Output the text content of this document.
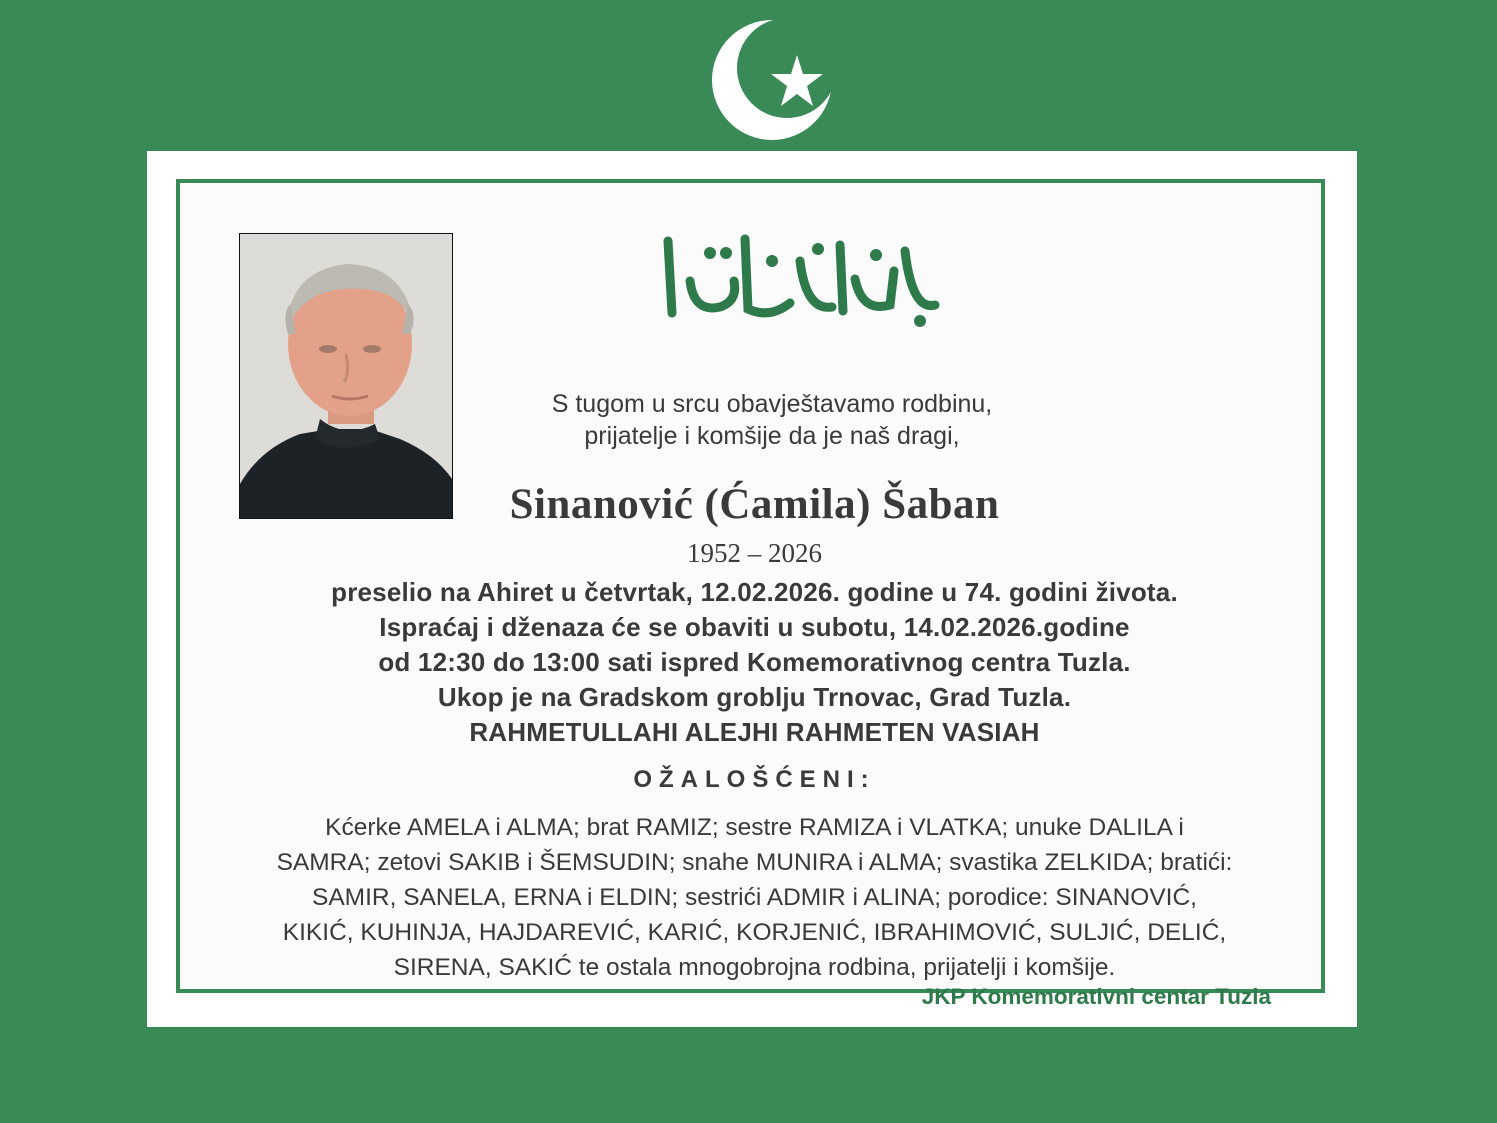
S tugom u srcu obavještavamo rodbinu,
prijatelje i komšije da je naš dragi,
Sinanović (Ćamila) Šaban
1952 – 2026
preselio na Ahiret u četvrtak, 12.02.2026. godine u 74. godini života.
Ispraćaj i dženaza će se obaviti u subotu, 14.02.2026.godine
od 12:30 do 13:00 sati ispred Komemorativnog centra Tuzla.
Ukop je na Gradskom groblju Trnovac, Grad Tuzla.
RAHMETULLAHI ALEJHI RAHMETEN VASIAH
OŽALOŠĆENI:
Kćerke AMELA i ALMA; brat RAMIZ; sestre RAMIZA i VLATKA; unuke DALILA i
SAMRA; zetovi SAKIB i ŠEMSUDIN; snahe MUNIRA i ALMA; svastika ZELKIDA; bratići:
SAMIR, SANELA, ERNA i ELDIN; sestrići ADMIR i ALINA; porodice: SINANOVIĆ,
KIKIĆ, KUHINJA, HAJDAREVIĆ, KARIĆ, KORJENIĆ, IBRAHIMOVIĆ, SULJIĆ, DELIĆ,
SIRENA, SAKIĆ te ostala mnogobrojna rodbina, prijatelji i komšije.
JKP Komemorativni centar Tuzla
